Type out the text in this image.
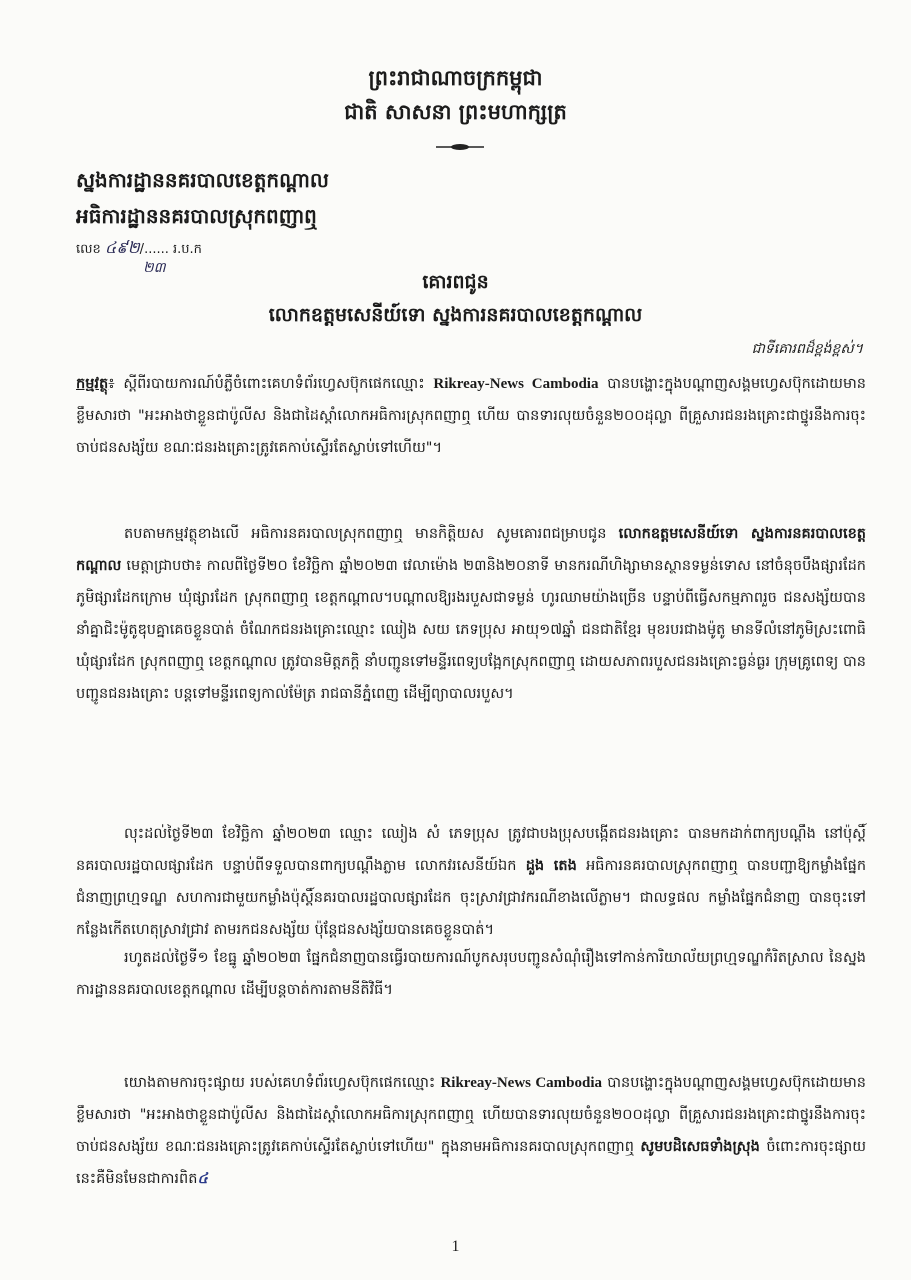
ព្រះរាជាណាចក្រកម្ពុជា
ជាតិ សាសនា ព្រះមហាក្សត្រ
ស្នងការដ្ឋាននគរបាលខេត្តកណ្ដាល
អធិការដ្ឋាននគរបាលស្រុកពញាឮ
លេខ ៤៩២/...... រ.ប.ក
២៣
គោរពជូន
លោកឧត្ដមសេនីយ៍ទោ ស្នងការនគរបាលខេត្តកណ្ដាល
ជាទីគោរពដ៏ខ្ពង់ខ្ពស់។
កម្មវត្ថុ៖ ស្ដីពីរបាយការណ៍បំភ្លឺចំពោះគេហទំព័រហ្វេសប៊ុកផេកឈ្មោះ Rikreay-News Cambodia បានបង្ហោះក្នុងបណ្ដាញសង្គមហ្វេសប៊ុកដោយមានខ្លឹមសារថា "អះអាងថាខ្លួនជាប៉ូលីស និងជាដៃស្ដាំលោកអធិការស្រុកពញាឮ ហើយ បានទារលុយចំនួន២០០ដុល្លា ពីគ្រួសារជនរងគ្រោះជាថ្នូរនឹងការចុះចាប់ជនសង្ស័យ ខណៈជនរងគ្រោះត្រូវគេកាប់ស្ទើរតែស្លាប់ទៅហើយ"។
តបតាមកម្មវត្ថុខាងលើ អធិការនគរបាលស្រុកពញាឮ មានកិត្តិយស សូមគោរពជម្រាបជូន លោកឧត្ដមសេនីយ៍ទោ ស្នងការនគរបាលខេត្តកណ្ដាល មេត្តាជ្រាបថា៖ កាលពីថ្ងៃទី២០ ខែវិច្ឆិកា ឆ្នាំ២០២៣ វេលាម៉ោង ២៣និង២០នាទី មានករណីហិង្សាមានស្ថានទម្ងន់ទោស នៅចំនុចបឹងផ្សារដែក ភូមិផ្សារដែកក្រោម ឃុំផ្សារដែក ស្រុកពញាឮ ខេត្តកណ្ដាល។បណ្ដាលឱ្យរងរបួសជាទម្ងន់ ហូរឈាមយ៉ាងច្រើន បន្ទាប់ពីធ្វើសកម្មភាពរួច ជនសង្ស័យបាននាំគ្នាជិះម៉ូតូឌុបគ្នាគេចខ្លួនបាត់ ចំណែកជនរងគ្រោះឈ្មោះ ឈៀង សយ ភេទប្រុស អាយុ១៧ឆ្នាំ ជនជាតិខ្មែរ មុខរបរជាងម៉ូតូ មានទីលំនៅភូមិស្រះពោធិ ឃុំផ្សារដែក ស្រុកពញាឮ ខេត្តកណ្ដាល ត្រូវបានមិត្តភក្តិ នាំបញ្ជូនទៅមន្ទីរពេទ្យបង្អែកស្រុកពញាឮ ដោយសភាពរបួសជនរងគ្រោះធ្ងន់ធ្ងរ ក្រុមគ្រូពេទ្យ បានបញ្ជូនជនរងគ្រោះ បន្តទៅមន្ទីរពេទ្យកាល់ម៉ែត្រ រាជធានីភ្នំពេញ ដើម្បីព្យាបាលរបួស។
លុះដល់ថ្ងៃទី២៣ ខែវិច្ឆិកា ឆ្នាំ២០២៣ ឈ្មោះ ឈៀង សំ ភេទប្រុស ត្រូវជាបងប្រុសបង្កើតជនរងគ្រោះ បានមកដាក់ពាក្យបណ្ដឹង នៅប៉ុស្ដិ៍នគរបាលរដ្ឋបាលផ្សារដែក បន្ទាប់ពីទទួលបានពាក្យបណ្ដឹងភ្លាម លោកវរសេនីយ៍ឯក ដួង តេង អធិការនគរបាលស្រុកពញាឮ បានបញ្ជាឱ្យកម្លាំងផ្នែកជំនាញព្រហ្មទណ្ឌ សហការជាមួយកម្លាំងប៉ុស្ដិ៍នគរបាលរដ្ឋបាលផ្សារដែក ចុះស្រាវជ្រាវករណីខាងលើភ្លាម។ ជាលទ្ធផល កម្លាំងផ្នែកជំនាញ បានចុះទៅកន្លែងកើតហេតុស្រាវជ្រាវ តាមរកជនសង្ស័យ ប៉ុន្ដែជនសង្ស័យបានគេចខ្លួនបាត់។
រហូតដល់ថ្ងៃទី១ ខែធ្នូ ឆ្នាំ២០២៣ ផ្នែកជំនាញបានធ្វើរបាយការណ៍បូកសរុបបញ្ជូនសំណុំរឿងទៅកាន់ការិយាល័យព្រហ្មទណ្ឌកំរិតស្រាល នៃស្នងការដ្ឋាននគរបាលខេត្តកណ្ដាល ដើម្បីបន្តចាត់ការតាមនីតិវិធី។
យោងតាមការចុះផ្សាយ របស់គេហទំព័រហ្វេសប៊ុកផេកឈ្មោះ Rikreay-News Cambodia បានបង្ហោះក្នុងបណ្ដាញសង្គមហ្វេសប៊ុកដោយមានខ្លឹមសារថា "អះអាងថាខ្លួនជាប៉ូលីស និងជាដៃស្ដាំលោកអធិការស្រុកពញាឮ ហើយបានទារលុយចំនួន២០០ដុល្លា ពីគ្រួសារជនរងគ្រោះជាថ្នូរនឹងការចុះចាប់ជនសង្ស័យ ខណៈជនរងគ្រោះត្រូវគេកាប់ស្ទើរតែស្លាប់ទៅហើយ" ក្នុងនាមអធិការនគរបាលស្រុកពញាឮ សូមបដិសេធទាំងស្រុង ចំពោះការចុះផ្សាយនេះគឺមិនមែនជាការពិត៤
1
